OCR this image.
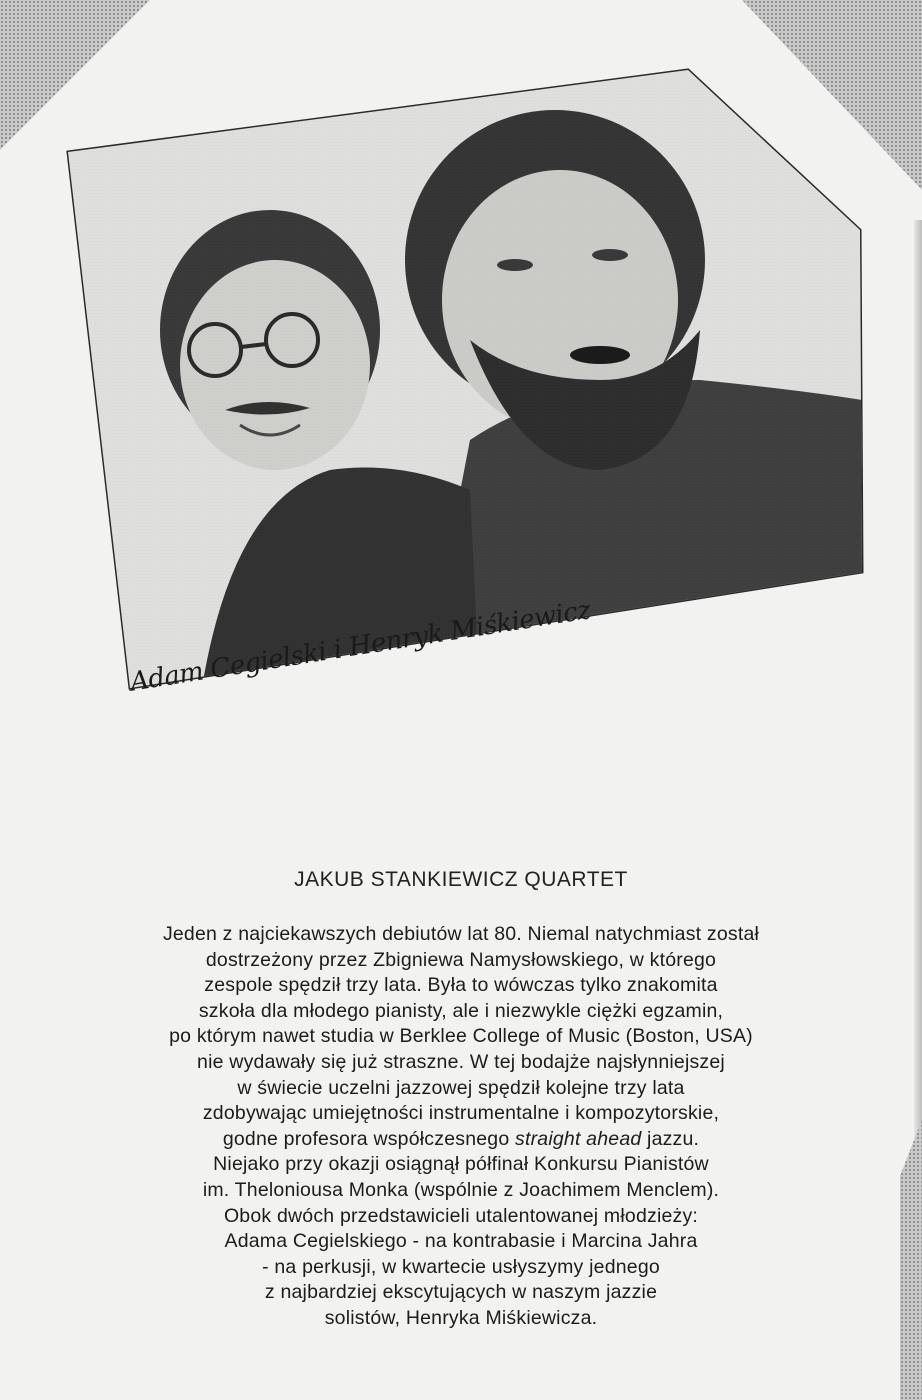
Adam Cegielski i Henryk Miśkiewicz
JAKUB STANKIEWICZ QUARTET
Jeden z najciekawszych debiutów lat 80. Niemal natychmiast został
dostrzeżony przez Zbigniewa Namysłowskiego, w którego
zespole spędził trzy lata. Była to wówczas tylko znakomita
szkoła dla młodego pianisty, ale i niezwykle ciężki egzamin,
po którym nawet studia w Berklee College of Music (Boston, USA)
nie wydawały się już straszne. W tej bodajże najsłynniejszej
w świecie uczelni jazzowej spędził kolejne trzy lata
zdobywając umiejętności instrumentalne i kompozytorskie,
godne profesora współczesnego straight ahead jazzu.
Niejako przy okazji osiągnął półfinał Konkursu Pianistów
im. Theloniousa Monka (wspólnie z Joachimem Menclem).
Obok dwóch przedstawicieli utalentowanej młodzieży:
Adama Cegielskiego - na kontrabasie i Marcina Jahra
- na perkusji, w kwartecie usłyszymy jednego
z najbardziej ekscytujących w naszym jazzie
solistów, Henryka Miśkiewicza.
